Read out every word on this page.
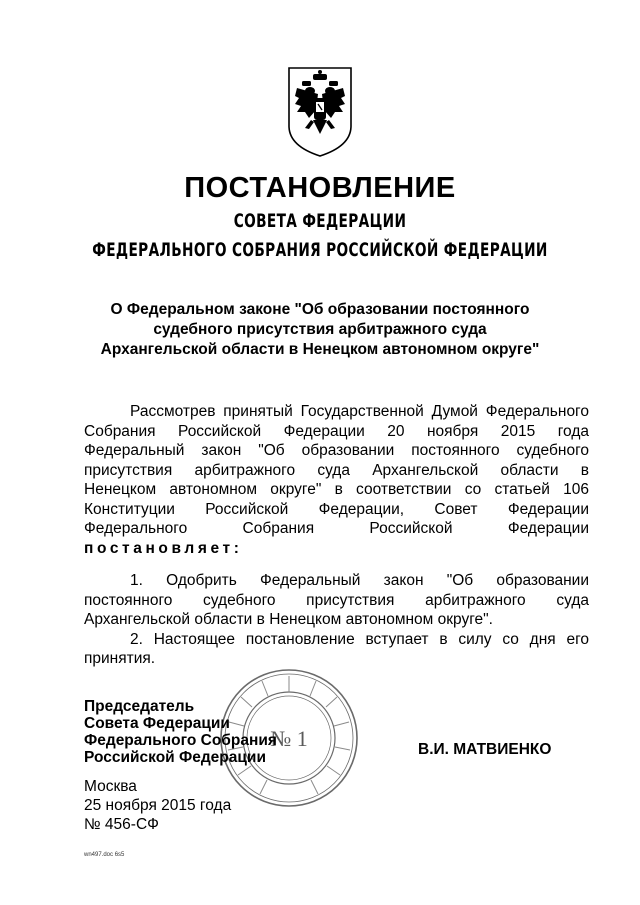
ПОСТАНОВЛЕНИЕ
СОВЕТА ФЕДЕРАЦИИ
ФЕДЕРАЛЬНОГО СОБРАНИЯ РОССИЙСКОЙ ФЕДЕРАЦИИ
О Федеральном законе "Об образовании постоянного
судебного присутствия арбитражного суда
Архангельской области в Ненецком автономном округе"
Рассмотрев принятый Государственной Думой Федерального
Собрания Российской Федерации 20 ноября 2015 года
Федеральный закон "Об образовании постоянного судебного
присутствия арбитражного суда Архангельской области в
Ненецком автономном округе" в соответствии со статьей 106
Конституции Российской Федерации, Совет Федерации
Федерального Собрания Российской Федерации
постановляет:
1. Одобрить Федеральный закон "Об образовании
постоянного судебного присутствия арбитражного суда
Архангельской области в Ненецком автономном округе".
2. Настоящее постановление вступает в силу со дня его
принятия.
№ 1
Председатель
Совета Федерации
Федерального Собрания
Российской Федерации	В.И. МАТВИЕНКО
Москва
25 ноября 2015 года
№ 456-СФ
wn497.doc 6s5
